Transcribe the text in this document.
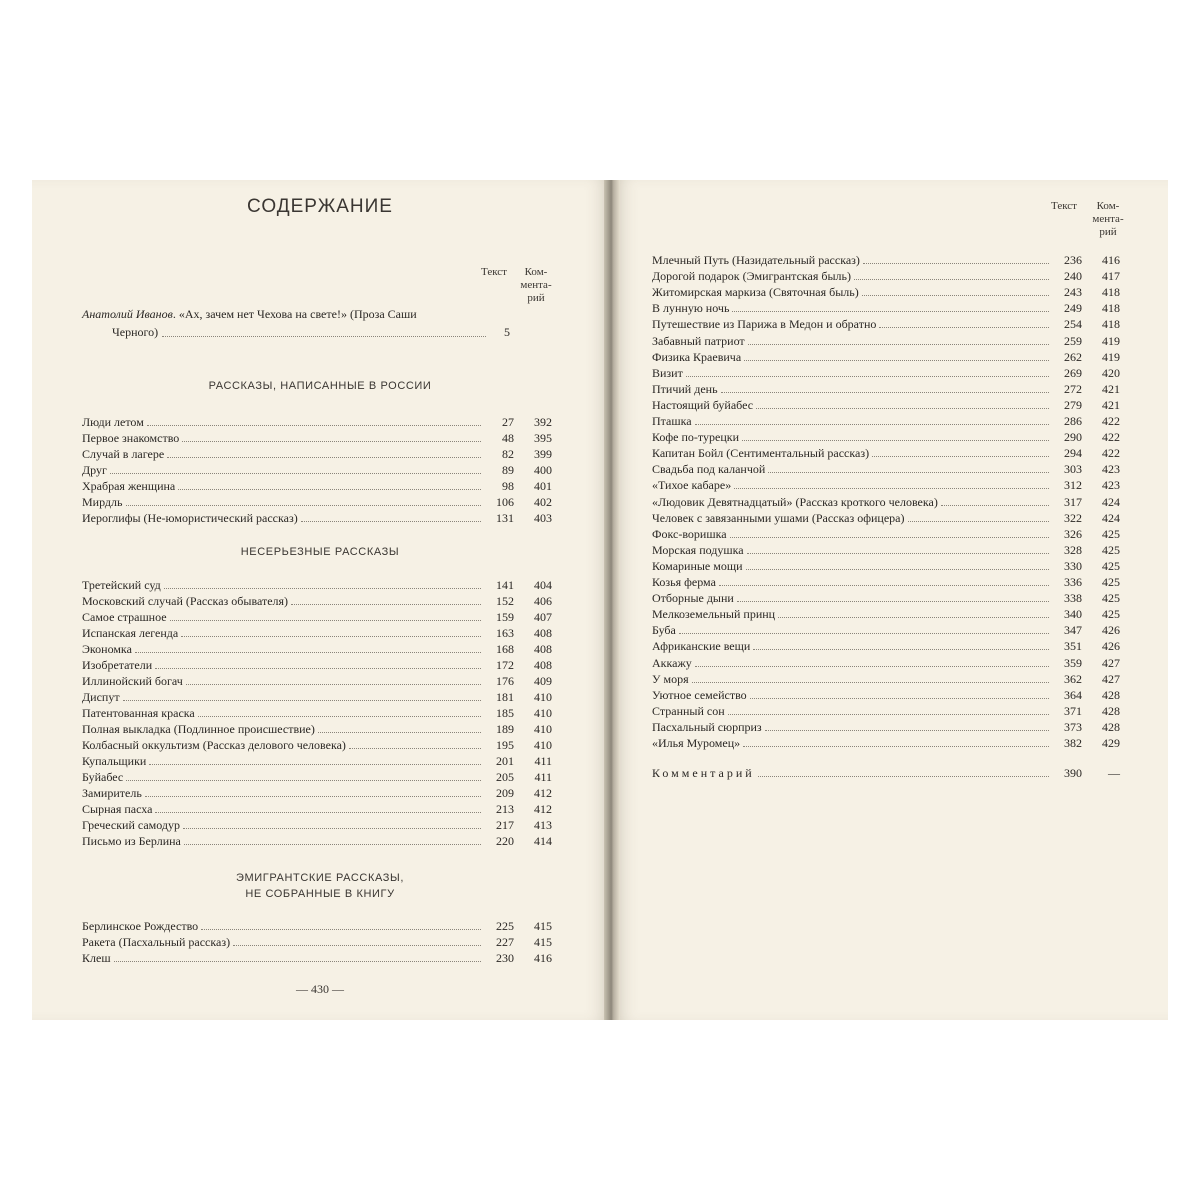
СОДЕРЖАНИЕ
Текст	Ком-
мента-
рий
Анатолий Иванов. «Ах, зачем нет Чехова на свете!» (Проза Саши
Черного)	5
РАССКАЗЫ, НАПИСАННЫЕ В РОССИИ
Люди летом	27	392
Первое знакомство	48	395
Случай в лагере	82	399
Друг	89	400
Храбрая женщина	98	401
Мирдль	106	402
Иероглифы (Не-юмористический рассказ)	131	403
НЕСЕРЬЕЗНЫЕ РАССКАЗЫ
Третейский суд	141	404
Московский случай (Рассказ обывателя)	152	406
Самое страшное	159	407
Испанская легенда	163	408
Экономка	168	408
Изобретатели	172	408
Иллинойский богач	176	409
Диспут	181	410
Патентованная краска	185	410
Полная выкладка (Подлинное происшествие)	189	410
Колбасный оккультизм (Рассказ делового человека)	195	410
Купальщики	201	411
Буйабес	205	411
Замиритель	209	412
Сырная пасха	213	412
Греческий самодур	217	413
Письмо из Берлина	220	414
ЭМИГРАНТСКИЕ РАССКАЗЫ,
НЕ СОБРАННЫЕ В КНИГУ
Берлинское Рождество	225	415
Ракета (Пасхальный рассказ)	227	415
Клеш	230	416
— 430 —
Текст	Ком-
мента-
рий
Млечный Путь (Назидательный рассказ)	236	416
Дорогой подарок (Эмигрантская быль)	240	417
Житомирская маркиза (Святочная быль)	243	418
В лунную ночь	249	418
Путешествие из Парижа в Медон и обратно	254	418
Забавный патриот	259	419
Физика Краевича	262	419
Визит	269	420
Птичий день	272	421
Настоящий буйабес	279	421
Пташка	286	422
Кофе по-турецки	290	422
Капитан Бойл (Сентиментальный рассказ)	294	422
Свадьба под каланчой	303	423
«Тихое кабаре»	312	423
«Людовик Девятнадцатый» (Рассказ кроткого человека)	317	424
Человек с завязанными ушами (Рассказ офицера)	322	424
Фокс-воришка	326	425
Морская подушка	328	425
Комариные мощи	330	425
Козья ферма	336	425
Отборные дыни	338	425
Мелкоземельный принц	340	425
Буба	347	426
Африканские вещи	351	426
Аккажу	359	427
У моря	362	427
Уютное семейство	364	428
Странный сон	371	428
Пасхальный сюрприз	373	428
«Илья Муромец»	382	429
Комментарий	390	—
